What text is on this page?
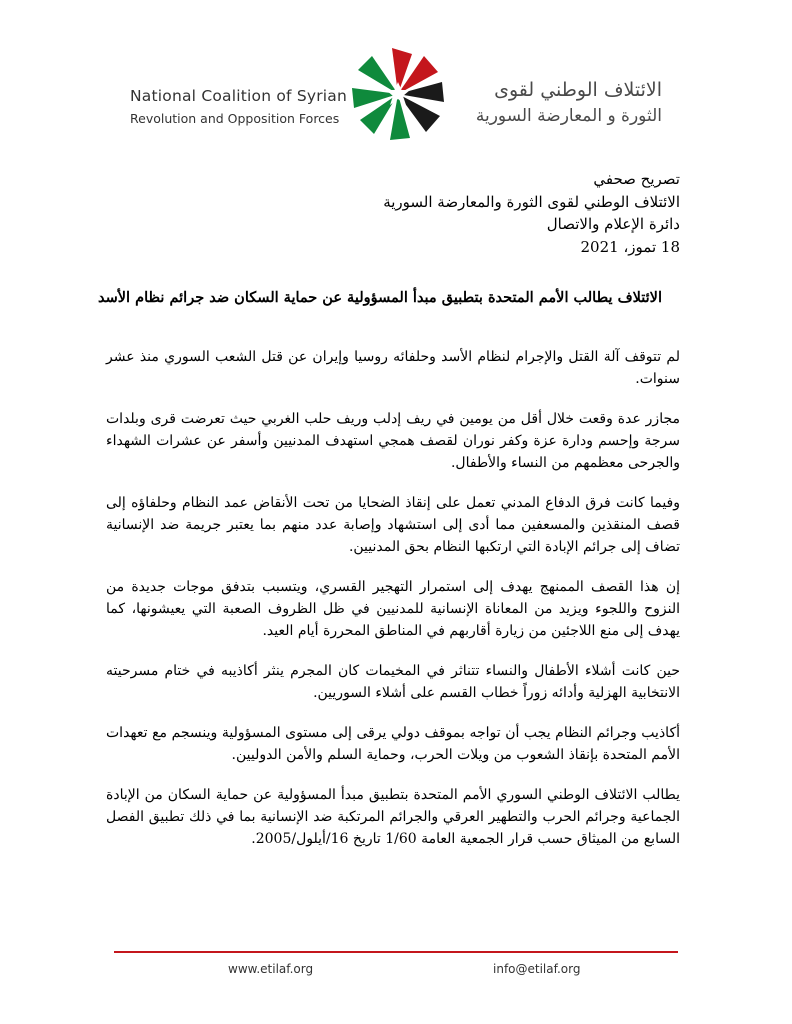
National Coalition of Syrian
Revolution and Opposition Forces
الائتلاف الوطني لقوى
الثورة و المعارضة السورية
تصريح صحفي
الائتلاف الوطني لقوى الثورة والمعارضة السورية
دائرة الإعلام والاتصال
18 تموز، 2021
الائتلاف يطالب الأمم المتحدة بتطبيق مبدأ المسؤولية عن حماية السكان ضد جرائم نظام الأسد

لم تتوقف آلة القتل والإجرام لنظام الأسد وحلفائه روسيا وإيران عن قتل الشعب السوري منذ عشر سنوات.

مجازر عدة وقعت خلال أقل من يومين في ريف إدلب وريف حلب الغربي حيث تعرضت قرى وبلدات سرجة وإحسم ودارة عزة وكفر نوران لقصف همجي استهدف المدنيين وأسفر عن عشرات الشهداء والجرحى معظمهم من النساء والأطفال.

وفيما كانت فرق الدفاع المدني تعمل على إنقاذ الضحايا من تحت الأنقاض عمد النظام وحلفاؤه إلى قصف المنقذين والمسعفين مما أدى إلى استشهاد وإصابة عدد منهم بما يعتبر جريمة ضد الإنسانية تضاف إلى جرائم الإبادة التي ارتكبها النظام بحق المدنيين.

إن هذا القصف الممنهج يهدف إلى استمرار التهجير القسري، ويتسبب بتدفق موجات جديدة من النزوح واللجوء ويزيد من المعاناة الإنسانية للمدنيين في ظل الظروف الصعبة التي يعيشونها، كما يهدف إلى منع اللاجئين من زيارة أقاربهم في المناطق المحررة أيام العيد.

حين كانت أشلاء الأطفال والنساء تتناثر في المخيمات كان المجرم ينثر أكاذيبه في ختام مسرحيته الانتخابية الهزلية وأدائه زوراً خطاب القسم على أشلاء السوريين.

أكاذيب وجرائم النظام يجب أن تواجه بموقف دولي يرقى إلى مستوى المسؤولية وينسجم مع تعهدات الأمم المتحدة بإنقاذ الشعوب من ويلات الحرب، وحماية السلم والأمن الدوليين.

يطالب الائتلاف الوطني السوري الأمم المتحدة بتطبيق مبدأ المسؤولية عن حماية السكان من الإبادة الجماعية وجرائم الحرب والتطهير العرقي والجرائم المرتكبة ضد الإنسانية بما في ذلك تطبيق الفصل السابع من الميثاق حسب قرار الجمعية العامة 1/60 تاريخ 16/أيلول/2005.

www.etilaf.org	info@etilaf.org
